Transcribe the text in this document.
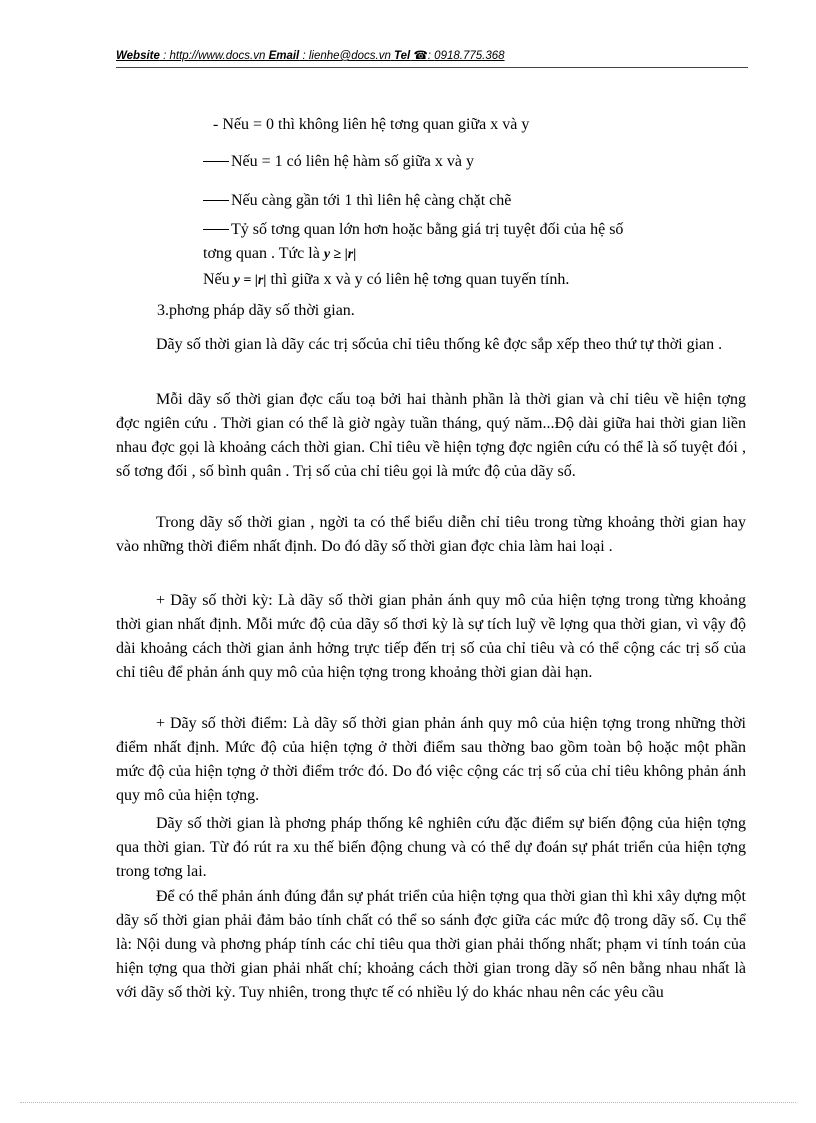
Website : http://www.docs.vn Email : lienhe@docs.vn Tel ☎: 0918.775.368
- Nếu = 0 thì không liên hệ tơng quan giữa x và y
Nếu = 1 có liên hệ hàm số giữa x và y
Nếu càng gần tới 1 thì liên hệ càng chặt chẽ
Tỷ số tơng quan lớn hơn hoặc bằng giá trị tuyệt đối của hệ số
tơng quan . Tức là y ≥ |r|
Nếu y = |r| thì giữa x và y có liên hệ tơng quan tuyến tính.
3.phơng pháp dãy số thời gian.

Dãy số thời gian là dãy các trị sốcủa chỉ tiêu thống kê đợc sắp xếp theo thứ tự thời gian .

Mỗi dãy số thời gian đợc cấu toạ bởi hai thành phần là thời gian và chỉ tiêu về hiện tợng đợc ngiên cứu . Thời gian có thể là giờ ngày tuần tháng, quý năm...Độ dài giữa hai thời gian liền nhau đợc gọi là khoảng cách thời gian. Chỉ tiêu về hiện tợng đợc ngiên cứu có thể là số tuyệt đói , số tơng đối , số bình quân . Trị số của chỉ tiêu gọi là mức độ của dãy số.

Trong dãy số thời gian , ngời ta có thể biểu diễn chỉ tiêu trong từng khoảng thời gian hay vào những thời điểm nhất định. Do đó dãy số thời gian đợc chia làm hai loại .

+ Dãy số thời kỳ: Là dãy số thời gian phản ánh quy mô của hiện tợng trong từng khoảng thời gian nhất định. Mỗi mức độ của dãy số thơi kỳ là sự tích luỹ về lợng qua thời gian, vì vậy độ dài khoảng cách thời gian ảnh hởng trực tiếp đến trị số của chỉ tiêu và có thể cộng các trị số của chỉ tiêu để phản ánh quy mô của hiện tợng trong khoảng thời gian dài hạn.

+ Dãy số thời điểm: Là dãy số thời gian phản ánh quy mô của hiện tợng trong những thời điểm nhất định. Mức độ của hiện tợng ở thời điểm sau thờng bao gồm toàn bộ hoặc một phần mức độ của hiện tợng ở thời điểm trớc đó. Do đó việc cộng các trị số của chỉ tiêu không phản ánh quy mô của hiện tợng.

Dãy số thời gian là phơng pháp thống kê nghiên cứu đặc điểm sự biến động của hiện tợng qua thời gian. Từ đó rút ra xu thế biến động chung và có thể dự đoán sự phát triển của hiện tợng trong tơng lai.

Để có thể phản ánh đúng đắn sự phát triển của hiện tợng qua thời gian thì khi xây dựng một dãy số thời gian phải đảm bảo tính chất có thể so sánh đợc giữa các mức độ trong dãy số. Cụ thể là: Nội dung và phơng pháp tính các chỉ tiêu qua thời gian phải thống nhất; phạm vi tính toán của hiện tợng qua thời gian phải nhất chí; khoảng cách thời gian trong dãy số nên bằng nhau nhất là với dãy số thời kỳ. Tuy nhiên, trong thực tế có nhiều lý do khác nhau nên các yêu cầu
